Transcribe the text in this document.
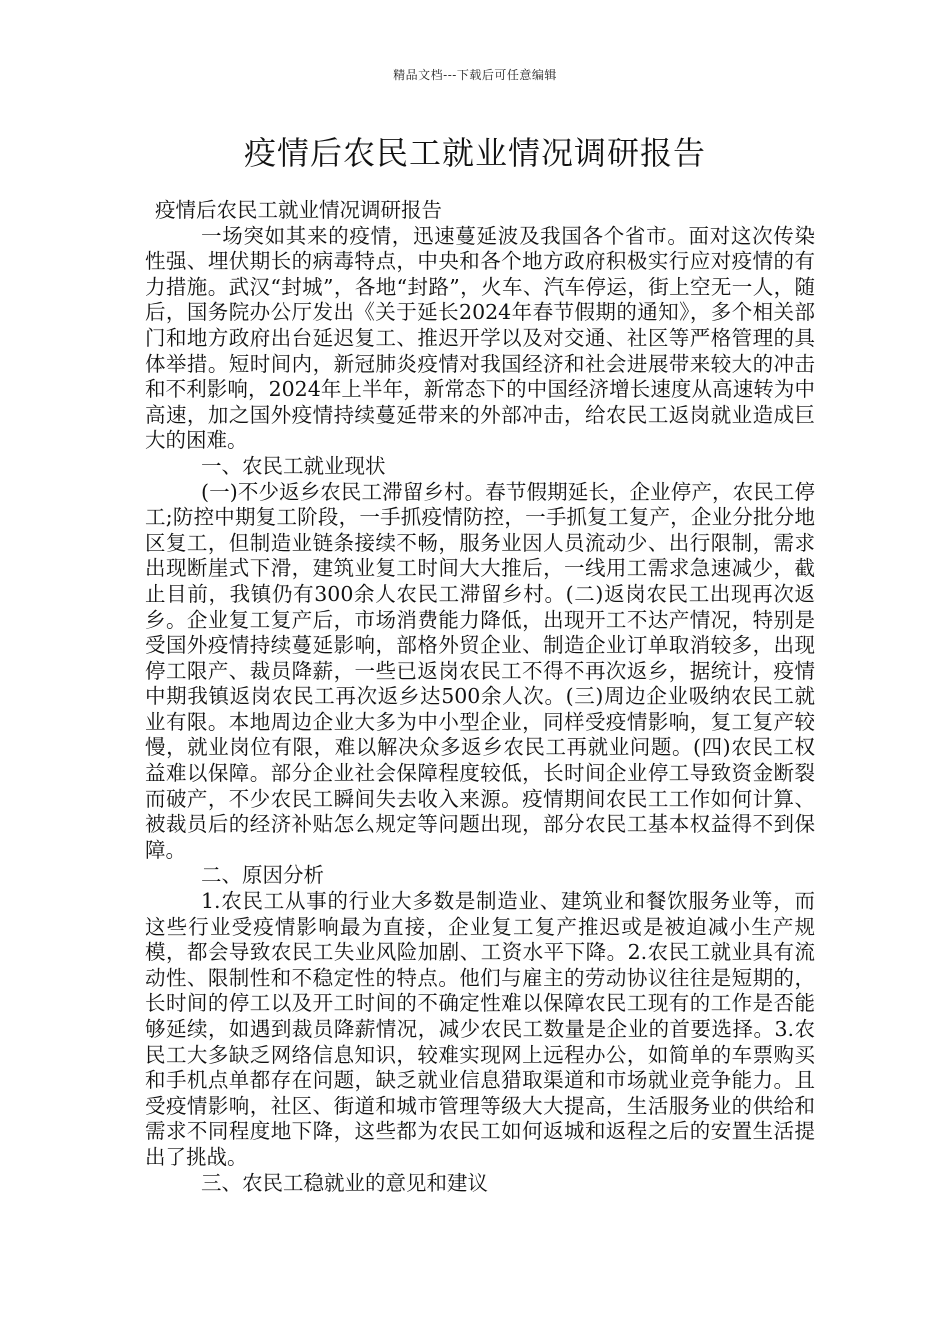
精品文档---下载后可任意编辑
疫情后农民工就业情况调研报告

疫情后农民工就业情况调研报告

一场突如其来的疫情，迅速蔓延波及我国各个省市。面对这次传染性强、埋伏期长的病毒特点，中央和各个地方政府积极实行应对疫情的有力措施。武汉“封城”，各地“封路”，火车、汽车停运，街上空无一人，随后，国务院办公厅发出《关于延长2024年春节假期的通知》，多个相关部门和地方政府出台延迟复工、推迟开学以及对交通、社区等严格管理的具体举措。短时间内，新冠肺炎疫情对我国经济和社会进展带来较大的冲击和不利影响，2024年上半年，新常态下的中国经济增长速度从高速转为中高速，加之国外疫情持续蔓延带来的外部冲击，给农民工返岗就业造成巨大的困难。

一、农民工就业现状

(一)不少返乡农民工滞留乡村。春节假期延长，企业停产，农民工停工;防控中期复工阶段，一手抓疫情防控，一手抓复工复产，企业分批分地区复工，但制造业链条接续不畅，服务业因人员流动少、出行限制，需求出现断崖式下滑，建筑业复工时间大大推后，一线用工需求急速减少，截止目前，我镇仍有300余人农民工滞留乡村。(二)返岗农民工出现再次返乡。企业复工复产后，市场消费能力降低，出现开工不达产情况，特别是受国外疫情持续蔓延影响，部格外贸企业、制造企业订单取消较多，出现停工限产、裁员降薪，一些已返岗农民工不得不再次返乡，据统计，疫情中期我镇返岗农民工再次返乡达500余人次。(三)周边企业吸纳农民工就业有限。本地周边企业大多为中小型企业，同样受疫情影响，复工复产较慢，就业岗位有限，难以解决众多返乡农民工再就业问题。(四)农民工权益难以保障。部分企业社会保障程度较低，长时间企业停工导致资金断裂而破产，不少农民工瞬间失去收入来源。疫情期间农民工工作如何计算、被裁员后的经济补贴怎么规定等问题出现，部分农民工基本权益得不到保障。

二、原因分析

1.农民工从事的行业大多数是制造业、建筑业和餐饮服务业等，而这些行业受疫情影响最为直接，企业复工复产推迟或是被迫减小生产规模，都会导致农民工失业风险加剧、工资水平下降。2.农民工就业具有流动性、限制性和不稳定性的特点。他们与雇主的劳动协议往往是短期的，长时间的停工以及开工时间的不确定性难以保障农民工现有的工作是否能够延续，如遇到裁员降薪情况，减少农民工数量是企业的首要选择。3.农民工大多缺乏网络信息知识，较难实现网上远程办公，如简单的车票购买和手机点单都存在问题，缺乏就业信息猎取渠道和市场就业竞争能力。且受疫情影响，社区、街道和城市管理等级大大提高，生活服务业的供给和需求不同程度地下降，这些都为农民工如何返城和返程之后的安置生活提出了挑战。

三、农民工稳就业的意见和建议
